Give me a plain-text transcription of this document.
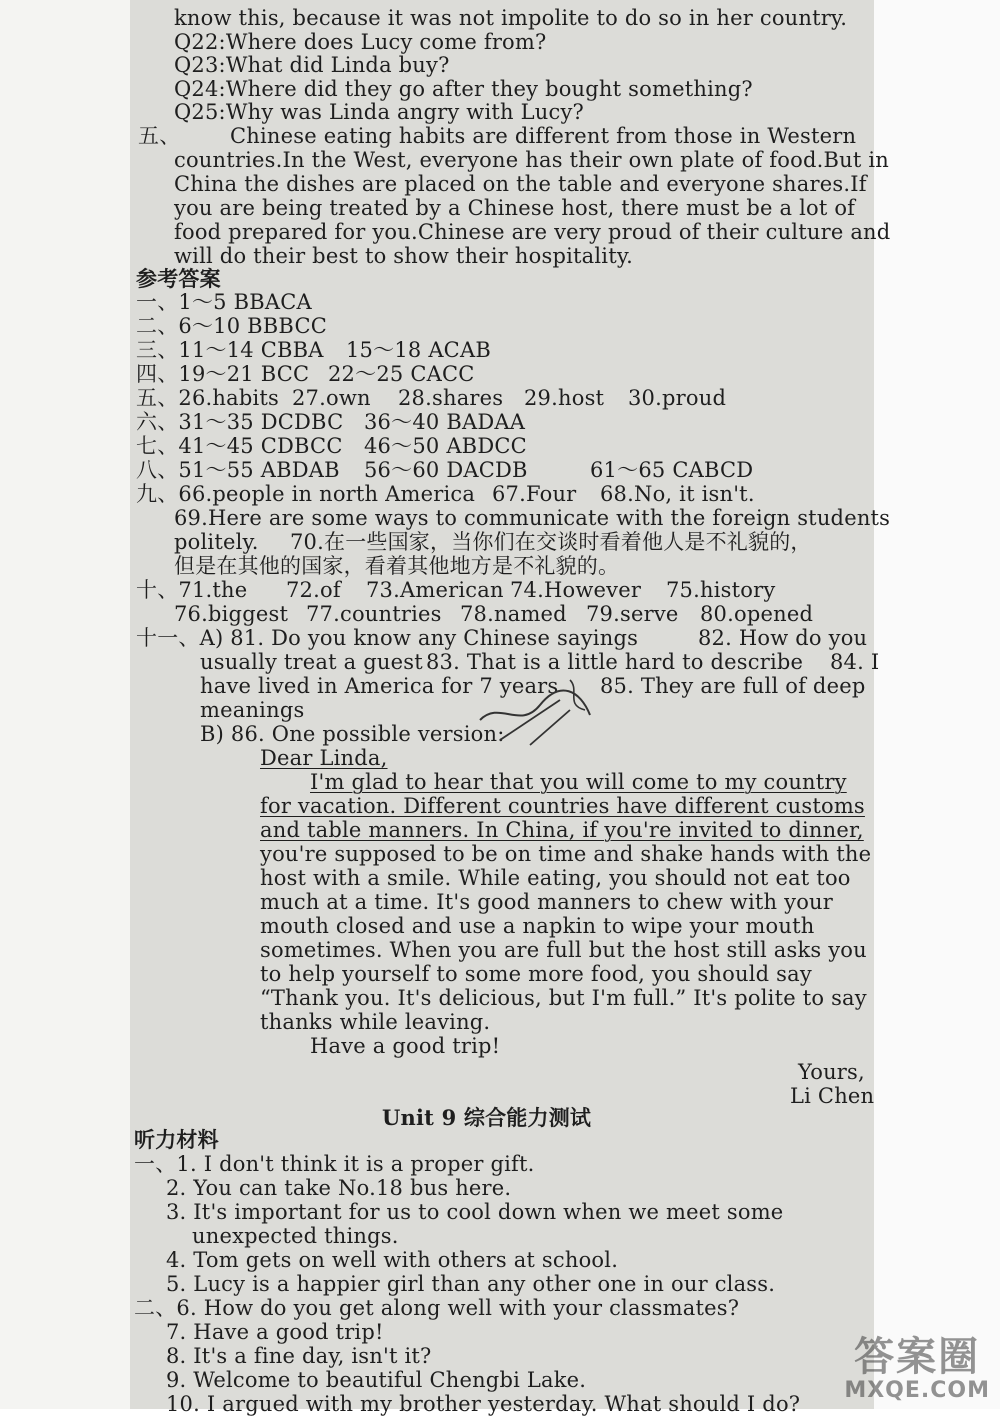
know this, because it was not impolite to do so in her country.
Q22:Where does Lucy come from?
Q23:What did Linda buy?
Q24:Where did they go after they bought something?
Q25:Why was Linda angry with Lucy?
五、 Chinese eating habits are different from those in Western
countries.In the West, everyone has their own plate of food.But in
China the dishes are placed on the table and everyone shares.If
you are being treated by a Chinese host, there must be a lot of
food prepared for you.Chinese are very proud of their culture and
will do their best to show their hospitality.
参考答案
一、1～5 BBACA
二、6～10 BBBCC
三、11～14 CBBA 15～18 ACAB
四、19～21 BCC 22～25 CACC
五、26.habits 27.own 28.shares 29.host 30.proud
六、31～35 DCDBC 36～40 BADAA
七、41～45 CDBCC 46～50 ABDCC
八、51～55 ABDAB 56～60 DACDB	61～65 CABCD
九、66.people in north America 67.Four 68.No, it isn't.
69.Here are some ways to communicate with the foreign students
politely. 70.在一些国家，当你们在交谈时看着他人是不礼貌的，
但是在其他的国家，看着其他地方是不礼貌的。
十、71.the 72.of 73.American 74.However 75.history
76.biggest 77.countries 78.named 79.serve 80.opened
十一、A) 81. Do you know any Chinese sayings	82. How do you
usually treat a guest 83. That is a little hard to describe 84. I
have lived in America for 7 years 85. They are full of deep
meanings
B) 86. One possible version:
Dear Linda,
I'm glad to hear that you will come to my country
for vacation. Different countries have different customs
and table manners. In China, if you're invited to dinner,
you're supposed to be on time and shake hands with the
host with a smile. While eating, you should not eat too
much at a time. It's good manners to chew with your
mouth closed and use a napkin to wipe your mouth
sometimes. When you are full but the host still asks you
to help yourself to some more food, you should say
“Thank you. It's delicious, but I'm full.” It's polite to say
thanks while leaving.
Have a good trip!
Yours,
Li Chen
Unit 9 综合能力测试
听力材料
一、1. I don't think it is a proper gift.
2. You can take No.18 bus here.
3. It's important for us to cool down when we meet some
unexpected things.
4. Tom gets on well with others at school.
5. Lucy is a happier girl than any other one in our class.
二、6. How do you get along well with your classmates?
7. Have a good trip!
8. It's a fine day, isn't it?
9. Welcome to beautiful Chengbi Lake.
10. I argued with my brother yesterday. What should I do?
答案圈
MXQE.COM
